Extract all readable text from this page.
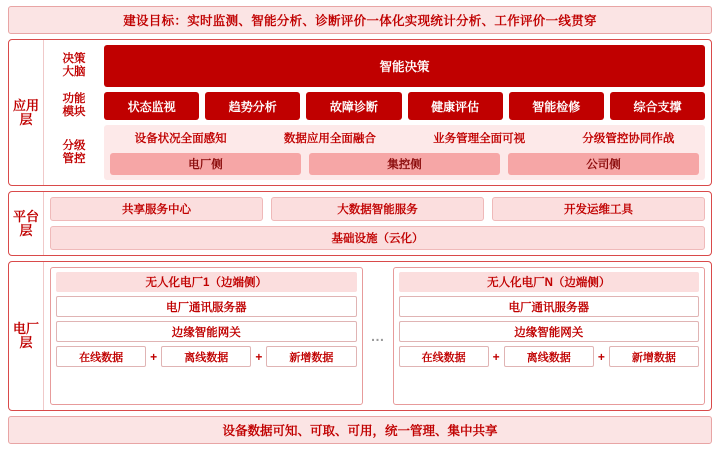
建设目标：实时监测、智能分析、诊断评价一体化实现统计分析、工作评价一线贯穿
应用
层
决策
大脑	智能决策
功能
模块	状态监视	趋势分析	故障诊断	健康评估	智能检修	综合支撑
分级
管控
设备状况全面感知	数据应用全面融合	业务管理全面可视	分级管控协同作战
电厂侧	集控侧	公司侧
平台
层
共享服务中心	大数据智能服务	开发运维工具
基础设施（云化）
电厂
层
无人化电厂1（边端侧）
电厂通讯服务器
边缘智能网关
在线数据	+	离线数据	+	新增数据
…
无人化电厂N（边端侧）
电厂通讯服务器
边缘智能网关
在线数据	+	离线数据	+	新增数据
设备数据可知、可取、可用，统一管理、集中共享
